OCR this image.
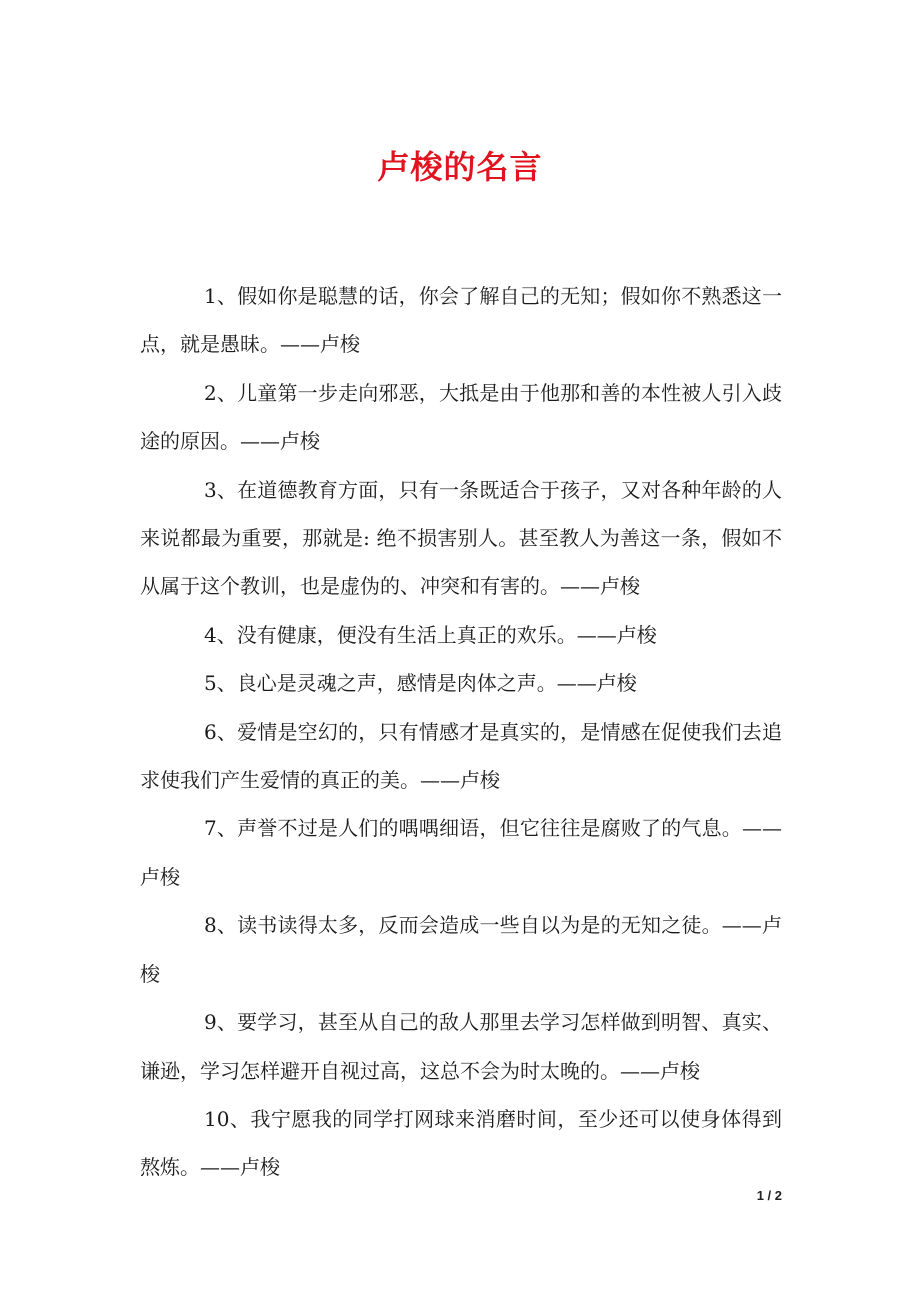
卢梭的名言

1、假如你是聪慧的话，你会了解自己的无知；假如你不熟悉这一点，就是愚昧。——卢梭

2、儿童第一步走向邪恶，大抵是由于他那和善的本性被人引入歧途的原因。——卢梭

3、在道德教育方面，只有一条既适合于孩子，又对各种年龄的人来说都最为重要，那就是: 绝不损害别人。甚至教人为善这一条，假如不从属于这个教训，也是虚伪的、冲突和有害的。——卢梭

4、没有健康，便没有生活上真正的欢乐。——卢梭

5、良心是灵魂之声，感情是肉体之声。——卢梭

6、爱情是空幻的，只有情感才是真实的，是情感在促使我们去追求使我们产生爱情的真正的美。——卢梭

7、声誉不过是人们的喁喁细语，但它往往是腐败了的气息。——卢梭

8、读书读得太多，反而会造成一些自以为是的无知之徒。——卢梭

9、要学习，甚至从自己的敌人那里去学习怎样做到明智、真实、谦逊，学习怎样避开自视过高，这总不会为时太晚的。——卢梭

10、我宁愿我的同学打网球来消磨时间，至少还可以使身体得到熬炼。——卢梭

1 / 2
